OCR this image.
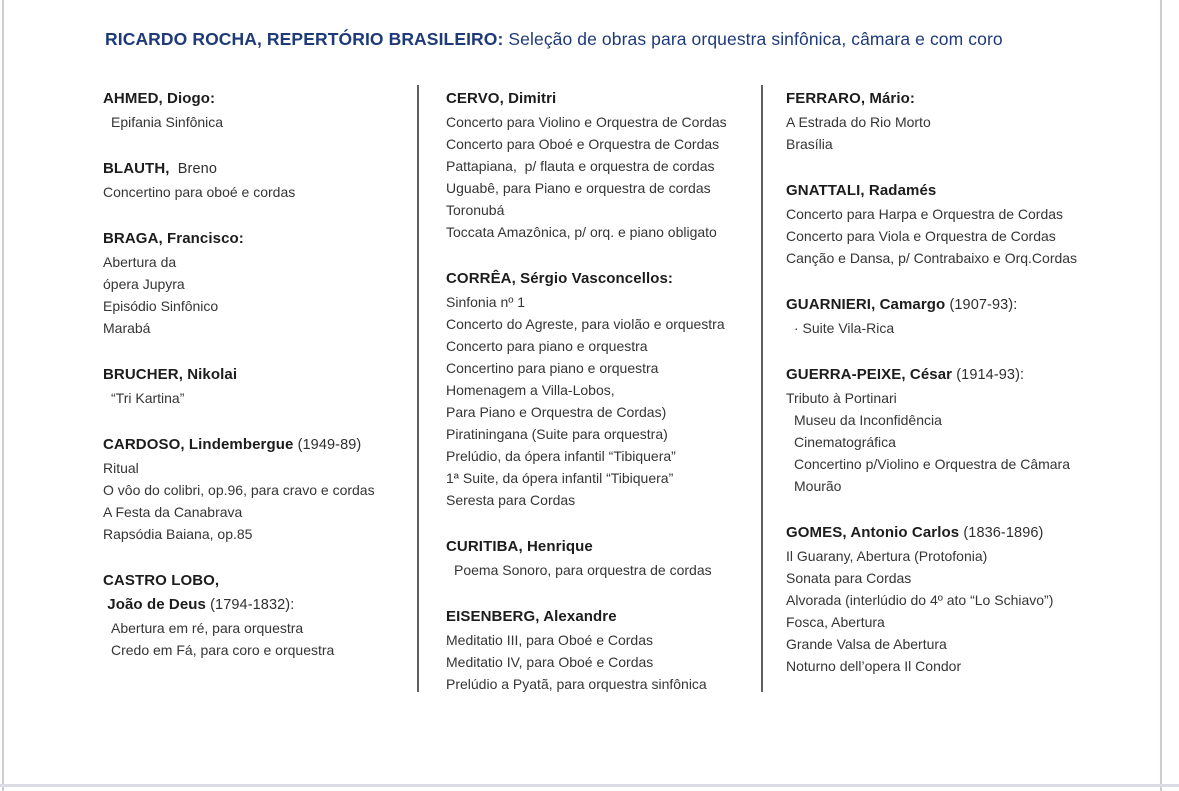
RICARDO ROCHA, REPERTÓRIO BRASILEIRO: Seleção de obras para orquestra sinfônica, câmara e com coro
AHMED, Diogo:
Epifania Sinfônica
BLAUTH,  Breno
Concertino para oboé e cordas
BRAGA, Francisco:
Abertura da
ópera Jupyra
Episódio Sinfônico
Marabá
BRUCHER, Nikolai
“Tri Kartina”
CARDOSO, Lindembergue (1949-89)
Ritual
O vôo do colibri, op.96, para cravo e cordas
A Festa da Canabrava
Rapsódia Baiana, op.85
CASTRO LOBO,
João de Deus (1794-1832):
Abertura em ré, para orquestra
Credo em Fá, para coro e orquestra
CERVO, Dimitri
Concerto para Violino e Orquestra de Cordas
Concerto para Oboé e Orquestra de Cordas
Pattapiana,  p/ flauta e orquestra de cordas
Uguabê, para Piano e orquestra de cordas
Toronubá
Toccata Amazônica, p/ orq. e piano obligato
CORRÊA, Sérgio Vasconcellos:
Sinfonia nº 1
Concerto do Agreste, para violão e orquestra
Concerto para piano e orquestra
Concertino para piano e orquestra
Homenagem a Villa-Lobos,
Para Piano e Orquestra de Cordas)
Piratiningana (Suite para orquestra)
Prelúdio, da ópera infantil “Tibiquera”
1ª Suite, da ópera infantil “Tibiquera”
Seresta para Cordas
CURITIBA, Henrique
Poema Sonoro, para orquestra de cordas
EISENBERG, Alexandre
Meditatio III, para Oboé e Cordas
Meditatio IV, para Oboé e Cordas
Prelúdio a Pyatã, para orquestra sinfônica
FERRARO, Mário:
A Estrada do Rio Morto
Brasília
GNATTALI, Radamés
Concerto para Harpa e Orquestra de Cordas
Concerto para Viola e Orquestra de Cordas
Canção e Dansa, p/ Contrabaixo e Orq.Cordas
GUARNIERI, Camargo (1907-93):
· Suite Vila-Rica
GUERRA-PEIXE, César (1914-93):
Tributo à Portinari
Museu da Inconfidência
Cinematográfica
Concertino p/Violino e Orquestra de Câmara
Mourão
GOMES, Antonio Carlos (1836-1896)
Il Guarany, Abertura (Protofonia)
Sonata para Cordas
Alvorada (interlúdio do 4º ato “Lo Schiavo”)
Fosca, Abertura
Grande Valsa de Abertura
Noturno dell’opera Il Condor
